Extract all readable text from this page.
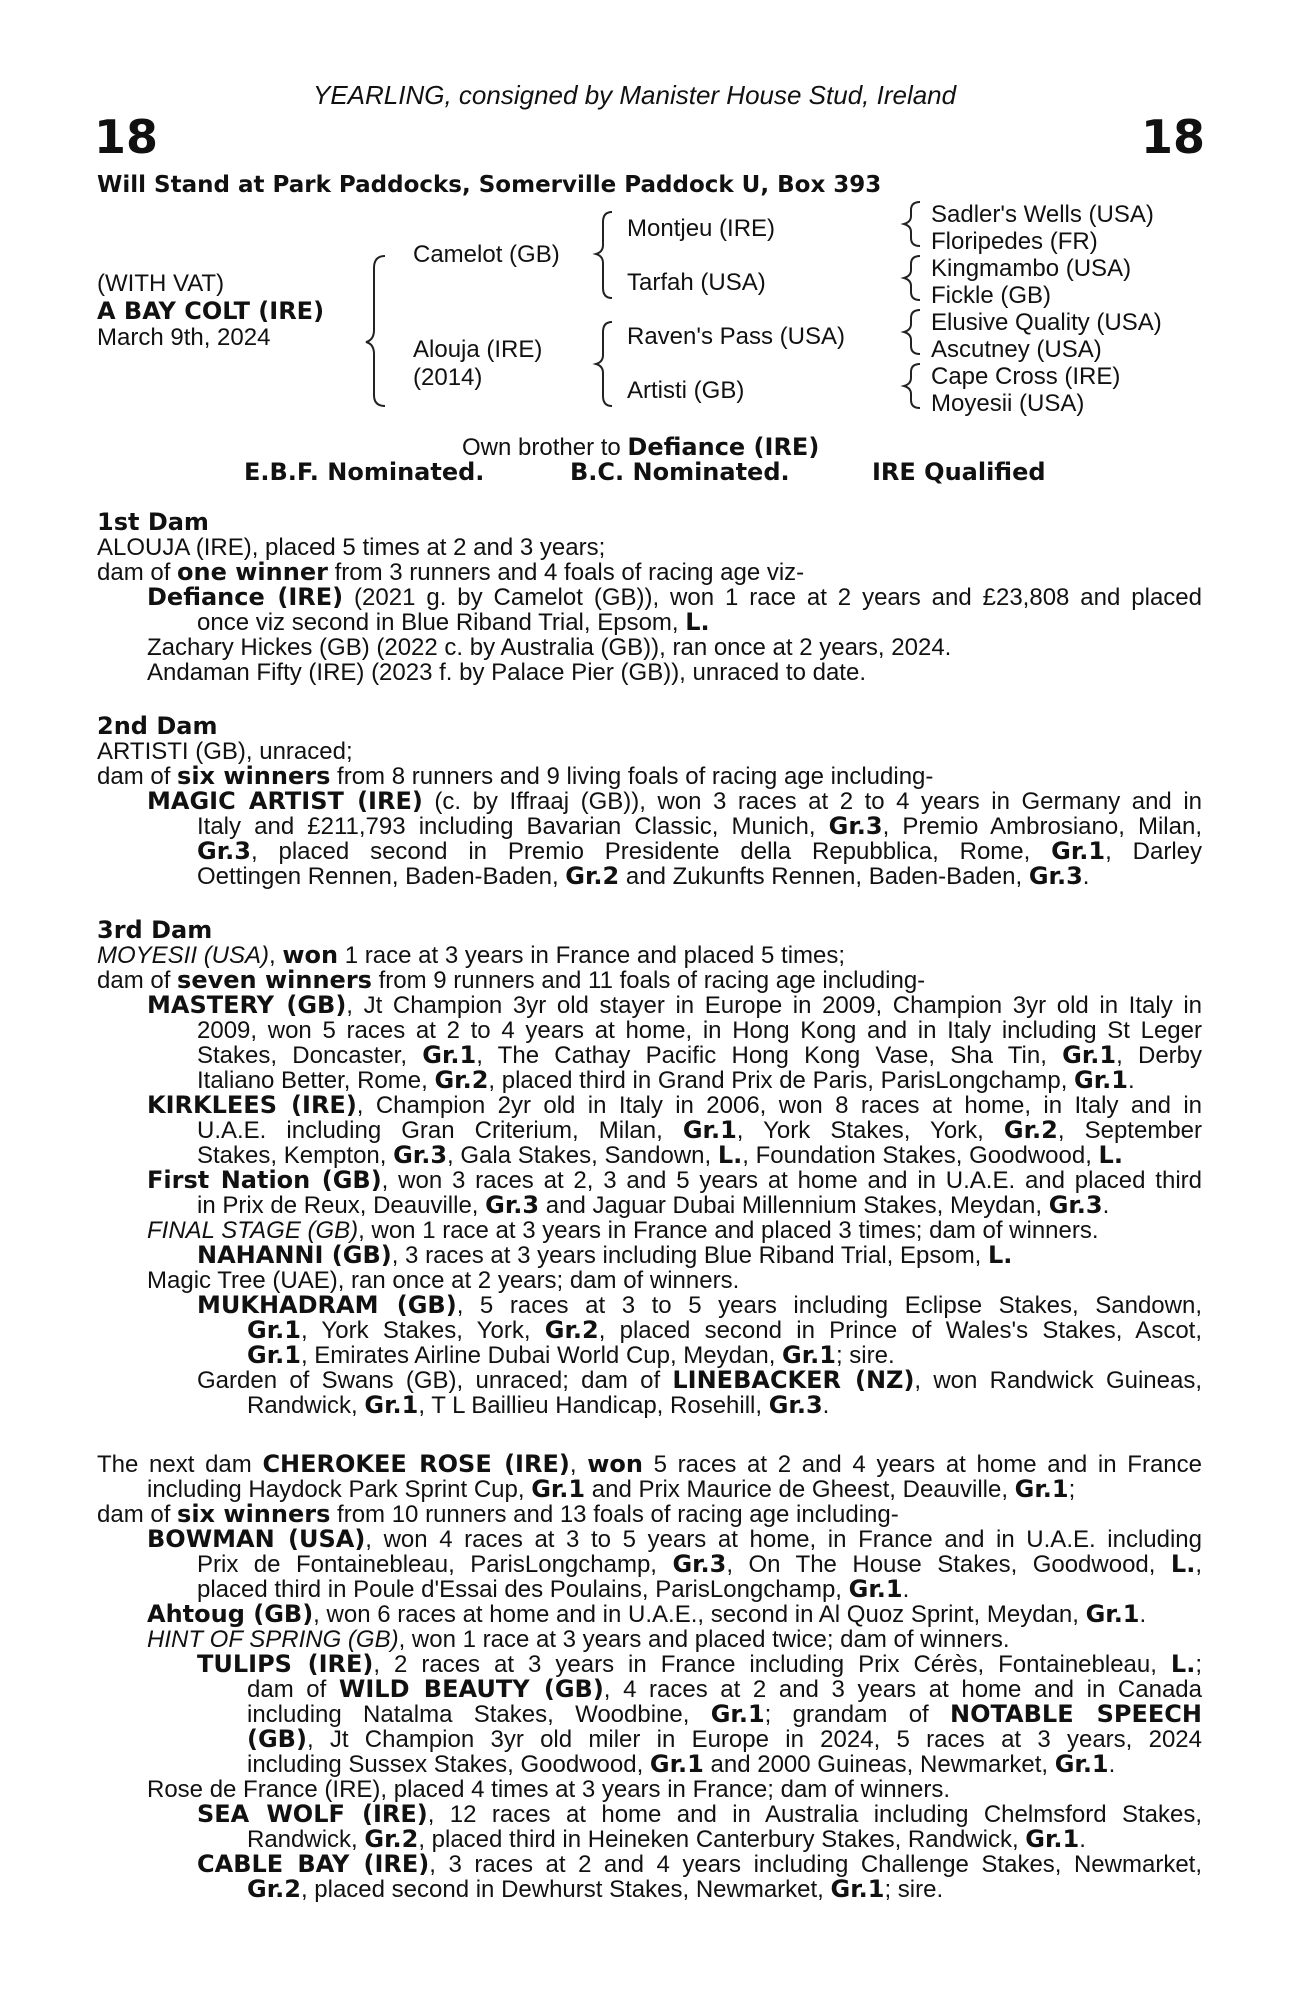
YEARLING, consigned by Manister House Stud, Ireland
18	18
Will Stand at Park Paddocks, Somerville Paddock U, Box 393
(WITH VAT)
A BAY COLT (IRE)
March 9th, 2024
Camelot (GB)
Alouja (IRE)
(2014)
Montjeu (IRE)
Tarfah (USA)
Raven's Pass (USA)
Artisti (GB)
Sadler's Wells (USA)
Floripedes (FR)
Kingmambo (USA)
Fickle (GB)
Elusive Quality (USA)
Ascutney (USA)
Cape Cross (IRE)
Moyesii (USA)
Own brother to Defiance (IRE)
E.B.F. Nominated.	B.C. Nominated.	IRE Qualified
1st Dam
ALOUJA (IRE), placed 5 times at 2 and 3 years;
dam of one winner from 3 runners and 4 foals of racing age viz-
Defiance (IRE) (2021 g. by Camelot (GB)), won 1 race at 2 years and £23,808 and placed
once viz second in Blue Riband Trial, Epsom, L.
Zachary Hickes (GB) (2022 c. by Australia (GB)), ran once at 2 years, 2024.
Andaman Fifty (IRE) (2023 f. by Palace Pier (GB)), unraced to date.
2nd Dam
ARTISTI (GB), unraced;
dam of six winners from 8 runners and 9 living foals of racing age including-
MAGIC ARTIST (IRE) (c. by Iffraaj (GB)), won 3 races at 2 to 4 years in Germany and in
Italy and £211,793 including Bavarian Classic, Munich, Gr.3, Premio Ambrosiano, Milan,
Gr.3, placed second in Premio Presidente della Repubblica, Rome, Gr.1, Darley
Oettingen Rennen, Baden-Baden, Gr.2 and Zukunfts Rennen, Baden-Baden, Gr.3.
3rd Dam
MOYESII (USA), won 1 race at 3 years in France and placed 5 times;
dam of seven winners from 9 runners and 11 foals of racing age including-
MASTERY (GB), Jt Champion 3yr old stayer in Europe in 2009, Champion 3yr old in Italy in
2009, won 5 races at 2 to 4 years at home, in Hong Kong and in Italy including St Leger
Stakes, Doncaster, Gr.1, The Cathay Pacific Hong Kong Vase, Sha Tin, Gr.1, Derby
Italiano Better, Rome, Gr.2, placed third in Grand Prix de Paris, ParisLongchamp, Gr.1.
KIRKLEES (IRE), Champion 2yr old in Italy in 2006, won 8 races at home, in Italy and in
U.A.E. including Gran Criterium, Milan, Gr.1, York Stakes, York, Gr.2, September
Stakes, Kempton, Gr.3, Gala Stakes, Sandown, L., Foundation Stakes, Goodwood, L.
First Nation (GB), won 3 races at 2, 3 and 5 years at home and in U.A.E. and placed third
in Prix de Reux, Deauville, Gr.3 and Jaguar Dubai Millennium Stakes, Meydan, Gr.3.
FINAL STAGE (GB), won 1 race at 3 years in France and placed 3 times; dam of winners.
NAHANNI (GB), 3 races at 3 years including Blue Riband Trial, Epsom, L.
Magic Tree (UAE), ran once at 2 years; dam of winners.
MUKHADRAM (GB), 5 races at 3 to 5 years including Eclipse Stakes, Sandown,
Gr.1, York Stakes, York, Gr.2, placed second in Prince of Wales's Stakes, Ascot,
Gr.1, Emirates Airline Dubai World Cup, Meydan, Gr.1; sire.
Garden of Swans (GB), unraced; dam of LINEBACKER (NZ), won Randwick Guineas,
Randwick, Gr.1, T L Baillieu Handicap, Rosehill, Gr.3.
The next dam CHEROKEE ROSE (IRE), won 5 races at 2 and 4 years at home and in France
including Haydock Park Sprint Cup, Gr.1 and Prix Maurice de Gheest, Deauville, Gr.1;
dam of six winners from 10 runners and 13 foals of racing age including-
BOWMAN (USA), won 4 races at 3 to 5 years at home, in France and in U.A.E. including
Prix de Fontainebleau, ParisLongchamp, Gr.3, On The House Stakes, Goodwood, L.,
placed third in Poule d'Essai des Poulains, ParisLongchamp, Gr.1.
Ahtoug (GB), won 6 races at home and in U.A.E., second in Al Quoz Sprint, Meydan, Gr.1.
HINT OF SPRING (GB), won 1 race at 3 years and placed twice; dam of winners.
TULIPS (IRE), 2 races at 3 years in France including Prix Cérès, Fontainebleau, L.;
dam of WILD BEAUTY (GB), 4 races at 2 and 3 years at home and in Canada
including Natalma Stakes, Woodbine, Gr.1; grandam of NOTABLE SPEECH
(GB), Jt Champion 3yr old miler in Europe in 2024, 5 races at 3 years, 2024
including Sussex Stakes, Goodwood, Gr.1 and 2000 Guineas, Newmarket, Gr.1.
Rose de France (IRE), placed 4 times at 3 years in France; dam of winners.
SEA WOLF (IRE), 12 races at home and in Australia including Chelmsford Stakes,
Randwick, Gr.2, placed third in Heineken Canterbury Stakes, Randwick, Gr.1.
CABLE BAY (IRE), 3 races at 2 and 4 years including Challenge Stakes, Newmarket,
Gr.2, placed second in Dewhurst Stakes, Newmarket, Gr.1; sire.
